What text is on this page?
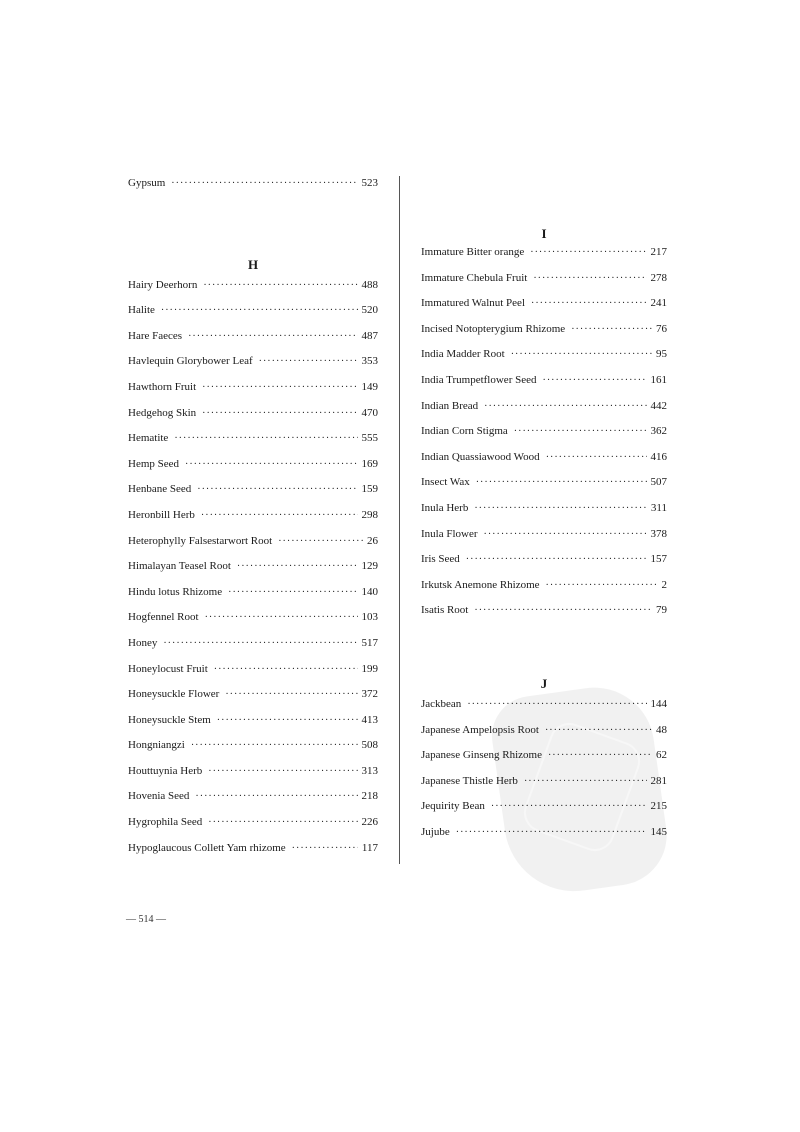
Gypsum ·····	523
H
Hairy Deerhorn ·····	488
Halite ·····	520
Hare Faeces ·····	487
Havlequin Glorybower Leaf ·····	353
Hawthorn Fruit ·····	149
Hedgehog Skin ·····	470
Hematite ·····	555
Hemp Seed ·····	169
Henbane Seed ·····	159
Heronbill Herb ·····	298
Heterophylly Falsestarwort Root ·····	26
Himalayan Teasel Root ·····	129
Hindu lotus Rhizome ·····	140
Hogfennel Root ·····	103
Honey ·····	517
Honeylocust Fruit ·····	199
Honeysuckle Flower ·····	372
Honeysuckle Stem ·····	413
Hongniangzi ·····	508
Houttuynia Herb ·····	313
Hovenia Seed ·····	218
Hygrophila Seed ·····	226
Hypoglaucous Collett Yam rhizome ·····	117
I
Immature Bitter orange ·····	217
Immature Chebula Fruit ·····	278
Immatured Walnut Peel ·····	241
Incised Notopterygium Rhizome ·····	76
India Madder Root ·····	95
India Trumpetflower Seed ·····	161
Indian Bread ·····	442
Indian Corn Stigma ·····	362
Indian Quassiawood Wood ·····	416
Insect Wax ·····	507
Inula Herb ·····	311
Inula Flower ·····	378
Iris Seed ·····	157
Irkutsk Anemone Rhizome ·····	2
Isatis Root ·····	79
J
Jackbean ·····	144
Japanese Ampelopsis Root ·····	48
Japanese Ginseng Rhizome ·····	62
Japanese Thistle Herb ·····	281
Jequirity Bean ·····	215
Jujube ·····	145
— 514 —
